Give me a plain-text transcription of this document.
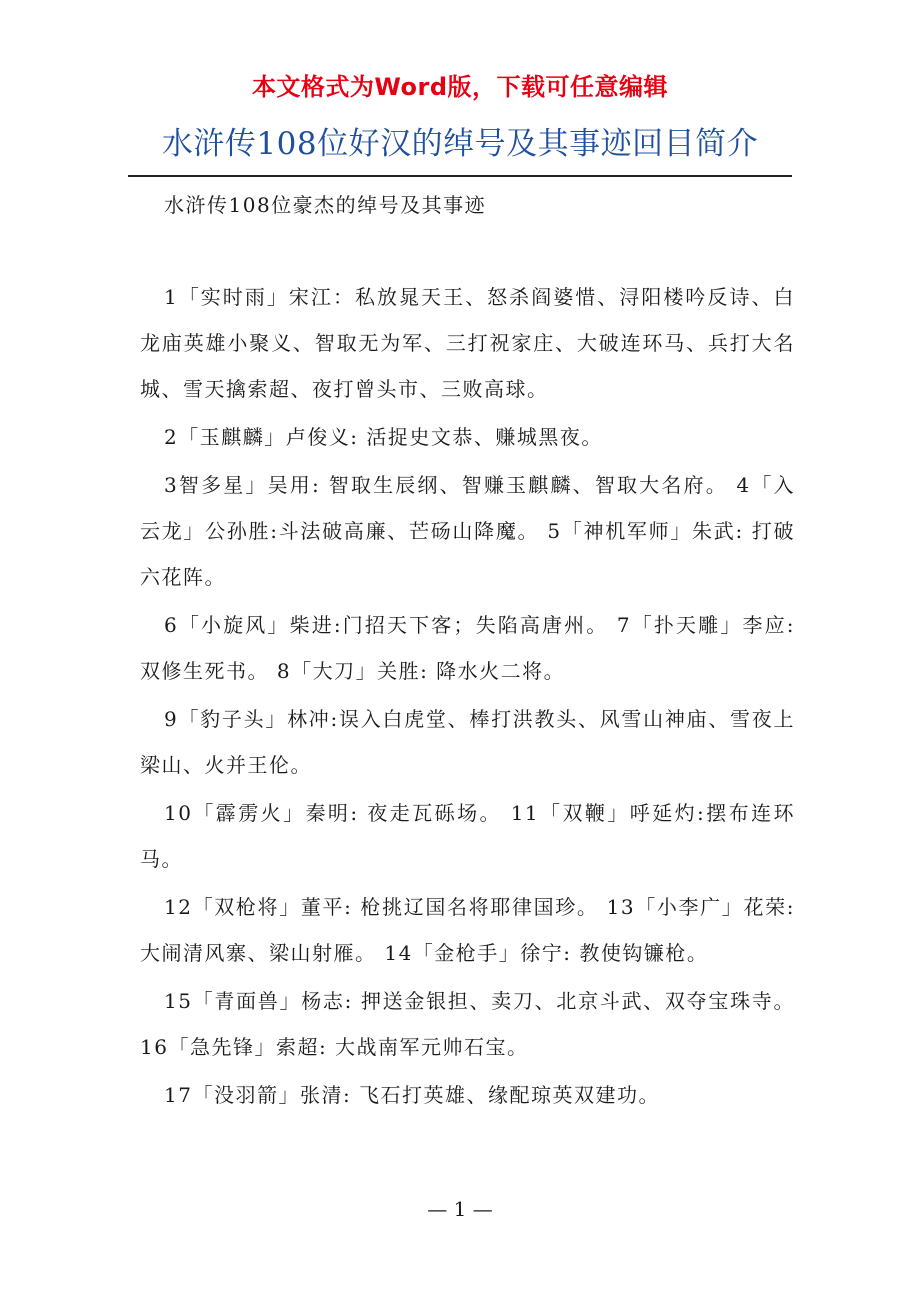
本文格式为Word版，下载可任意编辑
水浒传108位好汉的绰号及其事迹回目简介
水浒传108位豪杰的绰号及其事迹

1「实时雨」宋江：私放晁天王、怒杀阎婆惜、浔阳楼吟反诗、白龙庙英雄小聚义、智取无为军、三打祝家庄、大破连环马、兵打大名城、雪天擒索超、夜打曾头市、三败高球。

2「玉麒麟」卢俊义: 活捉史文恭、赚城黑夜。

3智多星」吴用: 智取生辰纲、智赚玉麒麟、智取大名府。 4「入云龙」公孙胜:斗法破高廉、芒砀山降魔。 5「神机军师」朱武: 打破六花阵。

6「小旋风」柴进:门招天下客；失陷高唐州。 7「扑天雕」李应: 双修生死书。 8「大刀」关胜: 降水火二将。

9「豹子头」林冲:误入白虎堂、棒打洪教头、风雪山神庙、雪夜上梁山、火并王伦。

10「霹雳火」秦明: 夜走瓦砾场。 11「双鞭」呼延灼:摆布连环马。

12「双枪将」董平: 枪挑辽国名将耶律国珍。 13「小李广」花荣: 大闹清风寨、梁山射雁。 14「金枪手」徐宁: 教使钩镰枪。

15「青面兽」杨志: 押送金银担、卖刀、北京斗武、双夺宝珠寺。 16「急先锋」索超: 大战南军元帅石宝。

17「没羽箭」张清: 飞石打英雄、缘配琼英双建功。

— 1 —
